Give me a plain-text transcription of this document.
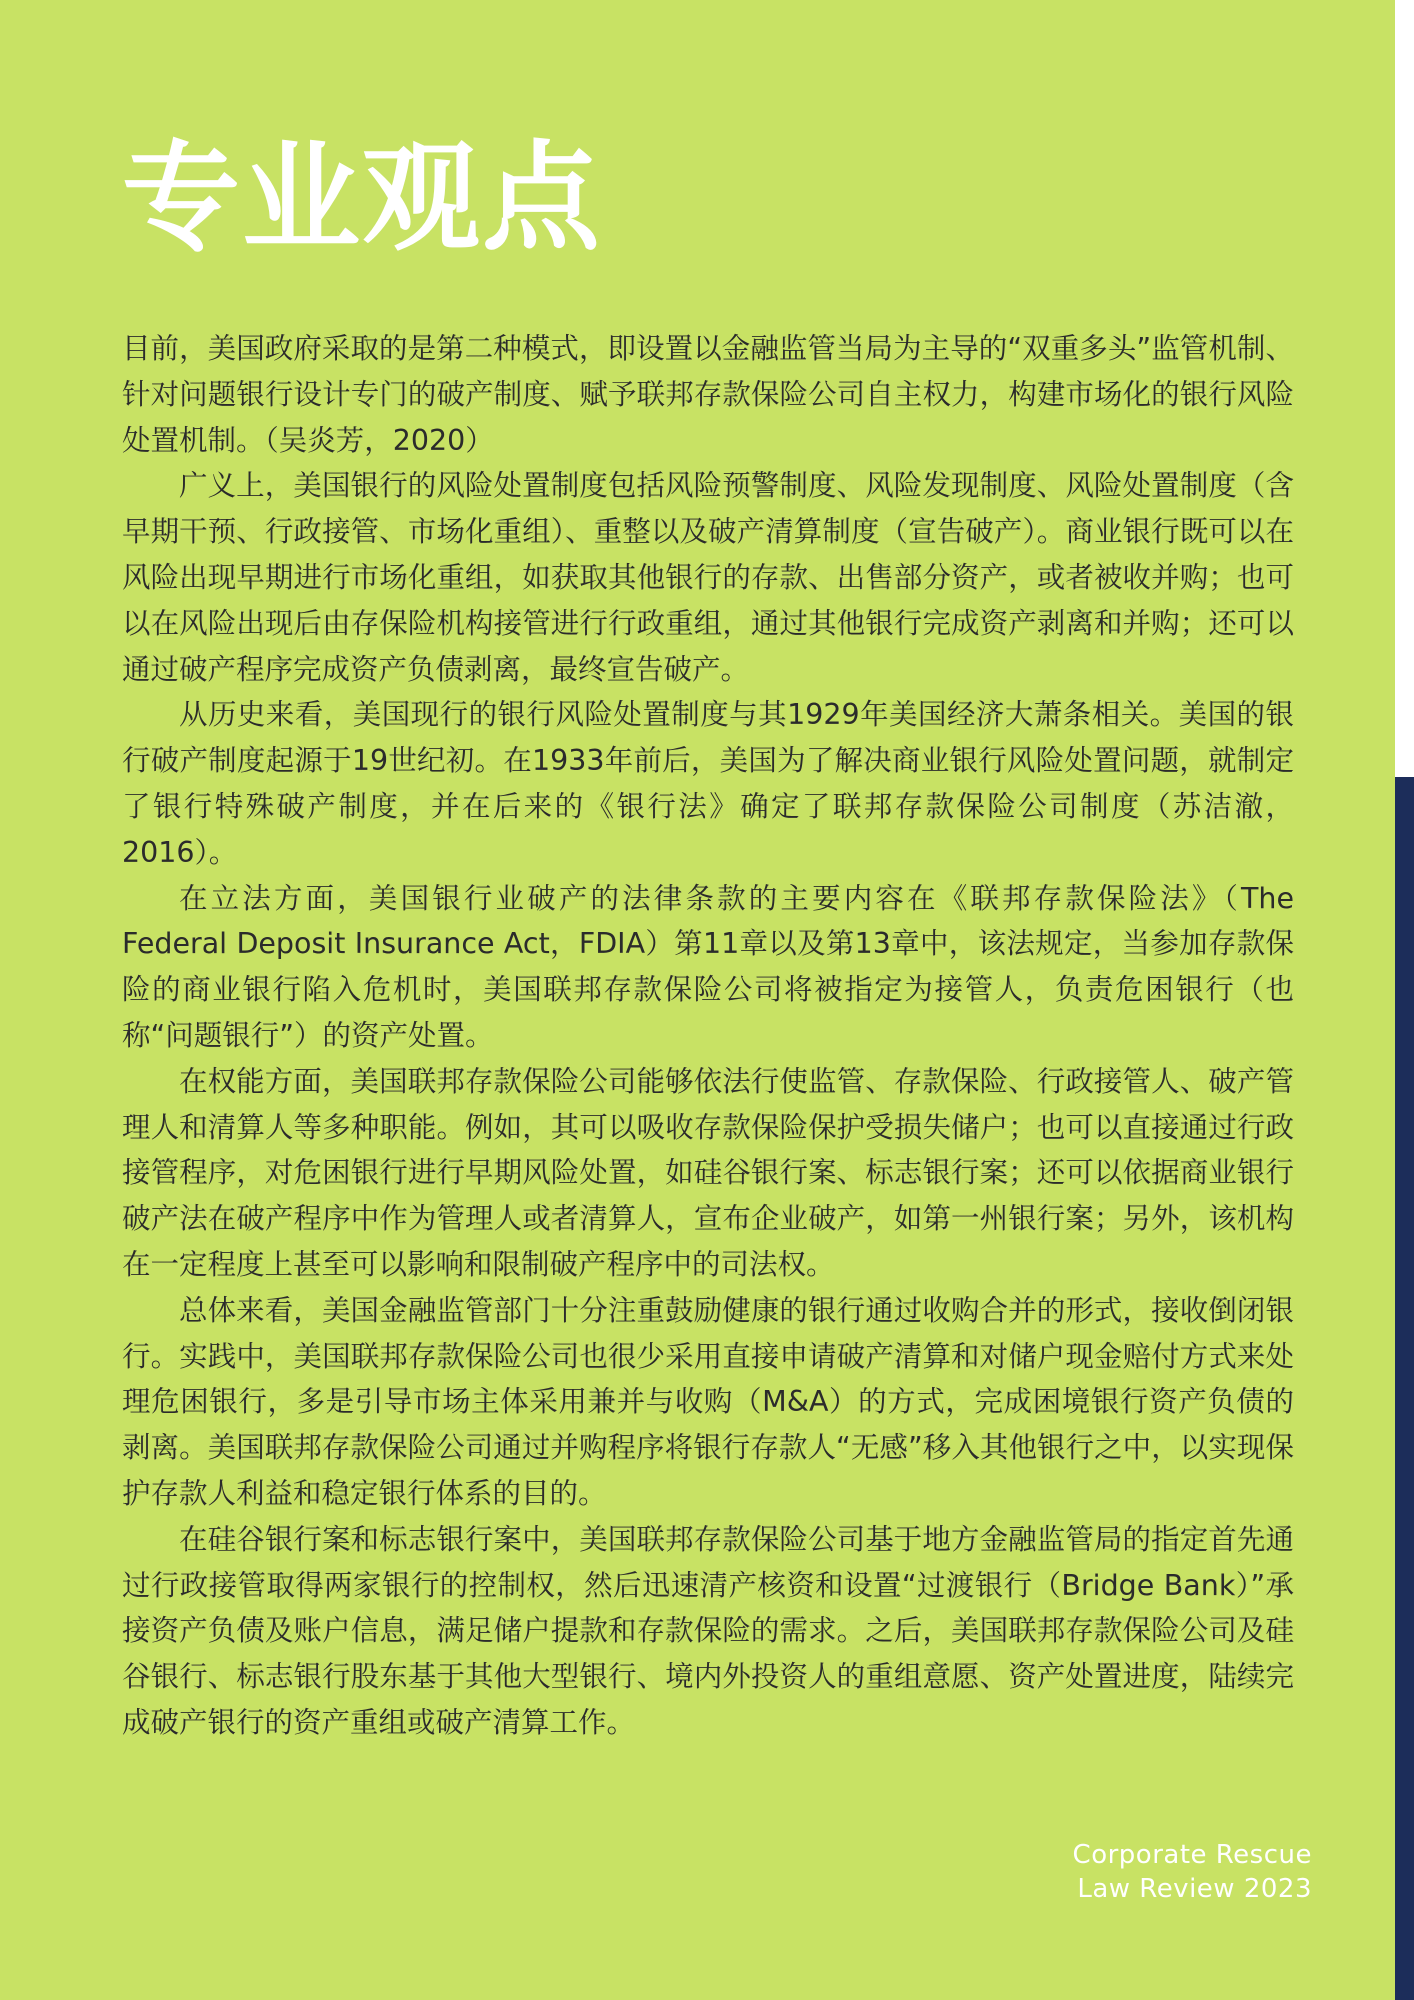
专业观点

目前，美国政府采取的是第二种模式，即设置以金融监管当局为主导的“双重多头”监管机制、针对问题银行设计专门的破产制度、赋予联邦存款保险公司自主权力，构建市场化的银行风险处置机制。（吴炎芳，2020）

广义上，美国银行的风险处置制度包括风险预警制度、风险发现制度、风险处置制度（含早期干预、行政接管、市场化重组）、重整以及破产清算制度（宣告破产）。商业银行既可以在风险出现早期进行市场化重组，如获取其他银行的存款、出售部分资产，或者被收并购；也可以在风险出现后由存保险机构接管进行行政重组，通过其他银行完成资产剥离和并购；还可以通过破产程序完成资产负债剥离，最终宣告破产。

从历史来看，美国现行的银行风险处置制度与其1929年美国经济大萧条相关。美国的银行破产制度起源于19世纪初。在1933年前后，美国为了解决商业银行风险处置问题，就制定了银行特殊破产制度，并在后来的《银行法》确定了联邦存款保险公司制度（苏洁澈，2016）。

在立法方面，美国银行业破产的法律条款的主要内容在《联邦存款保险法》（The Federal Deposit Insurance Act，FDIA）第11章以及第13章中，该法规定，当参加存款保险的商业银行陷入危机时，美国联邦存款保险公司将被指定为接管人，负责危困银行（也称“问题银行”）的资产处置。

在权能方面，美国联邦存款保险公司能够依法行使监管、存款保险、行政接管人、破产管理人和清算人等多种职能。例如，其可以吸收存款保险保护受损失储户；也可以直接通过行政接管程序，对危困银行进行早期风险处置，如硅谷银行案、标志银行案；还可以依据商业银行破产法在破产程序中作为管理人或者清算人，宣布企业破产，如第一州银行案；另外，该机构在一定程度上甚至可以影响和限制破产程序中的司法权。

总体来看，美国金融监管部门十分注重鼓励健康的银行通过收购合并的形式，接收倒闭银行。实践中，美国联邦存款保险公司也很少采用直接申请破产清算和对储户现金赔付方式来处理危困银行，多是引导市场主体采用兼并与收购（M&A）的方式，完成困境银行资产负债的剥离。美国联邦存款保险公司通过并购程序将银行存款人“无感”移入其他银行之中，以实现保护存款人利益和稳定银行体系的目的。

在硅谷银行案和标志银行案中，美国联邦存款保险公司基于地方金融监管局的指定首先通过行政接管取得两家银行的控制权，然后迅速清产核资和设置“过渡银行（Bridge Bank）”承接资产负债及账户信息，满足储户提款和存款保险的需求。之后，美国联邦存款保险公司及硅谷银行、标志银行股东基于其他大型银行、境内外投资人的重组意愿、资产处置进度，陆续完成破产银行的资产重组或破产清算工作。

Corporate Rescue
Law Review 2023
